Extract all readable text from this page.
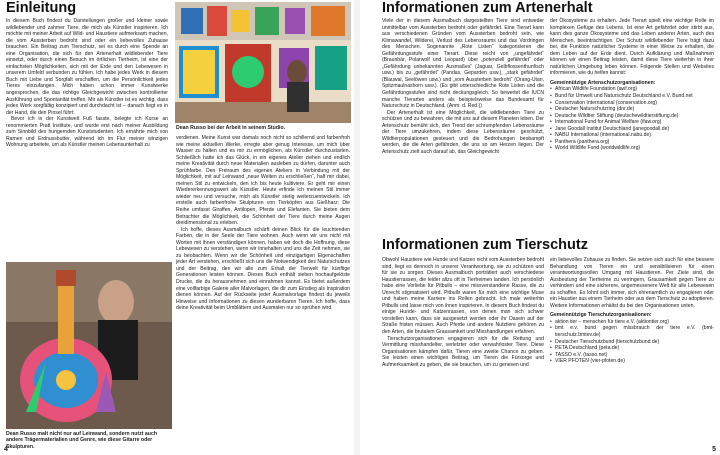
Einleitung

In diesem Buch findest du Darstellungen großer und kleiner sowie wildlebender und zahmer Tiere, die mich als Künstler inspirieren. Ich möchte mit meiner Arbeit auf Wild- und Haustiere aufmerksam machen, die vom Aussterben bedroht sind oder ein liebevolles Zuhause brauchen. Ein Beitrag zum Tierschutz, sei es durch eine Spende an eine Organisation, die sich für den Artenerhalt wildlebender Tiere einsetzt, oder durch einen Besuch im örtlichen Tierheim, ist eine der einfachsten Möglichkeiten, sich mit der Erde und den Lebewesen in unserem Umfeld verbunden zu fühlen. Ich habe jedes Werk in diesem Buch mit Liebe und Sorgfalt erschaffen, um die Persönlichkeit jedes Tieres einzufangen. Mich haben schon immer Kunstwerke angesprochen, die das richtige Gleichgewicht zwischen kontrollierter Ausführung und Spontanität treffen. Mir als Künstler ist es wichtig, dass jedes Werk sorgfältig konzipiert und durchdacht ist – danach liegt es in der Hand, die den Pinsel führt.

Bevor ich in der Kunstwelt Fuß fasste, belegte ich Kurse an renommierten Pratt Institute, und wurde erst nach meiner Ausbildung zum Sinnbild des hungernden Kunststudenten. Ich ernährte mich von Ramen und Erdnussbutter, während ich im Flur meiner winzigen Wohnung arbeitete, um als Künstler meinen Lebensunterhalt zu

Dean Russo bei der Arbeit in seinem Studio.
Dean Russo malt nicht nur auf Leinwand, sondern nutzt auch andere Trägermaterialien und Genre, wie diese Gitarre oder Skulpturen.

verdienen. Meine Kunst war damals noch nicht so schillernd und farbenfroh wie meine aktuellen Werke, erregte aber genug Interesse, um mich über Wasser zu halten und es mir zu ermöglichen, als Künstler durchzustarten. Schließlich hatte ich das Glück, in ein eigenes Atelier ziehen und endlich meine Kreativität durch neue Materialien ausleben zu dürfen, darunter auch Sprühfarbe. Den Freiraum des eigenen Ateliers in Verbindung mit der Möglichkeit, mit auf Leinwand „neue Welten zu erschließen“, half mir dabei, meinen Stil zu entwickeln, den ich bis heute kultiviere. Er geht mir einen Wiedererkennungswert als Künstler. Heute erfinde ich meinen Stil immer wieder neu und versuche, mich als Künstler stetig weiterzuentwickeln. Ich erstelle auch farbenfrohe Skulpturen von Tierköpfen aus Gießharz: Die Reihe umfasst Giraffen, Antilopen, Pferde und Elefanten. Sie bieten dem Betrachter die Möglichkeit, die Schönheit der Tiere durch meine Augen dreidimensional zu erleben.

Ich hoffe, dieses Ausmalbuch schärft deinen Blick für die leuchtenden Farben, die in der Seele der Tiere wohnen. Auch wenn wir uns nicht mit Worten mit ihnen verständigen können, haben wir doch die Hoffnung, diese Lebewesen zu verstehen, wenn wir innehalten und uns die Zeit nehmen, sie zu beobachten. Wenn wir die Schönheit und einzigartigen Eigenschaften jeder Art verstehen, erschließt sich uns die Notwendigkeit des Naturschutzes und der Beitrag, den wir alle zum Erhalt der Tierwelt für künftige Generationen leisten können. Dieses Buch enthält sieben hochaufgelöste Drucke, die du herausnehmen und einrahmen kannst. Es bietet außerdem eine vollfarbige Galerie aller Malvorlagen, die dir zum Einstieg als Inspiration dienen können. Auf der Rückseite jeder Ausmalvorlage findest du jeweils Hinweise und Informationen zu diesen wunderbaren Tieren. Ich hoffe, dass deine Kreativität beim Umblättern und Ausmalen nur so sprühen wird.

4
Informationen zum Artenerhalt

Viele der in diesem Ausmalbuch dargestellten Tiere sind entweder unmittelbar vom Aussterben bedroht oder gefährdet. Eine Tierart kann aus verschiedenen Gründen vom Aussterben bedroht sein, wie Klimawandel, Wilderei, Verlust des Lebensraums und das Vordringen des Menschen. Sogenannte „Rote Listen“ kategorisieren die Gefährdungsstufe einer Tierart. Diese reicht von „ungefährdet“ (Braunbär, Polarwolf und Leopard) über „potenziell gefährdet“ oder „Gefährdung unbekannten Ausmaßes“ (Jaguar, Gelbflossenthunfisch usw.) bis zu „gefährdet“ (Pandas, Geparden usw.), „stark gefährdet“ (Blauwal, Seelöwen usw.) und „vom Aussterben bedroht“ (Orang-Utan, Spitzmaulnashorn usw.). (Es gibt unterschiedliche Rote Listen und die Gefährdungsstufen sind nicht deckungsgleich. So bewertet die IUCN manche Tierarten anders als beispielsweise das Bundesamt für Naturschutz in Deutschland. (Anm. d. Red.))

Der Artenerhalt ist eine Möglichkeit, die wildlebenden Tiere zu schützen und zu bewahren, die mit uns auf diesem Planeten leben. Der Artenschutz bemüht sich, den Trend der schrumpfenden Lebensräume der Tiere umzukehren, indem diese Lebensräume geschützt, Wildtierpopulationen gesteuert und die Bedrohungen beobampft werden, die die Arten gefährden, die uns so am Herzen liegen. Der Artenschutz zielt auch darauf ab, das Gleichgewicht

der Ökosysteme zu erhalten. Jede Tierart spielt eine wichtige Rolle im komplexen Gefüge des Lebens. Ist eine Art gefährdet oder stirbt aus, kann dies ganze Ökosysteme und das Leben anderer Arten, auch des Menschen, beeinträchtigen. Der Schutz wildlebender Tiere trägt dazu bei, die Funktion natürlicher Systeme in einer Weise zu erhalten, die dem Leben auf der Erde dient. Durch Aufklärung und Maßnahmen können wir einen Beitrag leisten, damit diese Tiere weiterhin in ihrer natürlichen Umgebung leben können. Folgende Stellen und Websites informieren, wie du helfen kannst:

Gemeinnützige Artenschutzorganisationen:

• African Wildlife Foundation (awf.org)
• Bund für Umwelt und Naturschutz Deutschland e.V. Bund.net
• Conservation International (conservation.org)
• Deutscher Naturschutzring (dnr.de)
• Deutsche Wildtier Stiftung (deutschewildtierstiftung.de)
• International Fund for Animal Welfare (ifaw.org)
• Jane Goodall Institut Deutschland (janegoodall.de)
• NABU International (international.nabu.de)
• Panthera (panthera.org)
• World Wildlife Fund (worldwildlife.org)
Informationen zum Tierschutz

Obwohl Haustiere wie Hunde und Katzen nicht vom Aussterben bedroht sind, liegt es dennoch in unserer Verantwortung, sie zu schützen und für sie zu sorgen. Dieses Ausmalbuch porträtiert auch verschiedene Haustierrassen, die leider allzu oft in Tierheimen landen. Ich persönlich habe eine Vorliebe für Pitbulls – eine missverstandene Rasse, die zu Unrecht stigmatisiert wird. Pitbulls waren für mich eine wichtige Muse und haben meine Karriere ins Rollen gebracht. Ich male weiterhin Pitbulls und lasse mich von ihnen inspirieren. In diesem Buch findest du einige Hunde- und Katzenrassen, von denen man sich schwer vorstellen kann, dass sie ausgesetzt werden oder ihr Dasein auf der Straße fristen müssen. Auch Pferde und andere Nutztiere gehören zu den Arten, die brutalem Grausamkeit und Misshandlungen erfahren.

Tierschutzorganisationen engagieren sich für die Rettung und Vermittlung misshandelter, verletzter oder verwahrloster Tiere. Diese Organisationen kämpfen dafür, Tieren eine zweite Chance zu geben. Sie leisten einen wichtigen Beitrag, um Tieren die Fürsorge und Aufmerksamkeit zu geben, die sie brauchen, um zu genesen und

ein liebevolles Zuhause zu finden. Sie setzen sich auch für eine bessere Behandlung von Tieren ein und sensibilisieren für einen verantwortungsvollen Umgang mit Haustieren. Per Ziele sind, die Ausbeutung der Tierheime zu verringern, Grausamkeit gegen Tiere zu verhindern und eine sicherere, angemessenere Welt für alle Lebewesen zu schaffen. Es lohnt sich immer, sich ehrenamtlich zu engagieren oder ein Haustier aus einem Tierheim oder aus dem Tierschutz zu adoptieren. Weitere Informationen erhältst du bei den Organisationen unten.

Gemeinnützige Tierschutzorganisationen:

• aktion tier – menschen für tiere e.V. (aktiontier.org)
• bmt e.v. bund gegen missbrauch der tiere e.V. (bmt-tierschutz.bmtev.de)
• Deutscher Tierschutzbund (tierschutzbund.de)
• PETA Deutschland (peta.de)
• TASSO e.V. (tasso.net)
• VIER PFOTEN (vier-pfoten.de)
5
